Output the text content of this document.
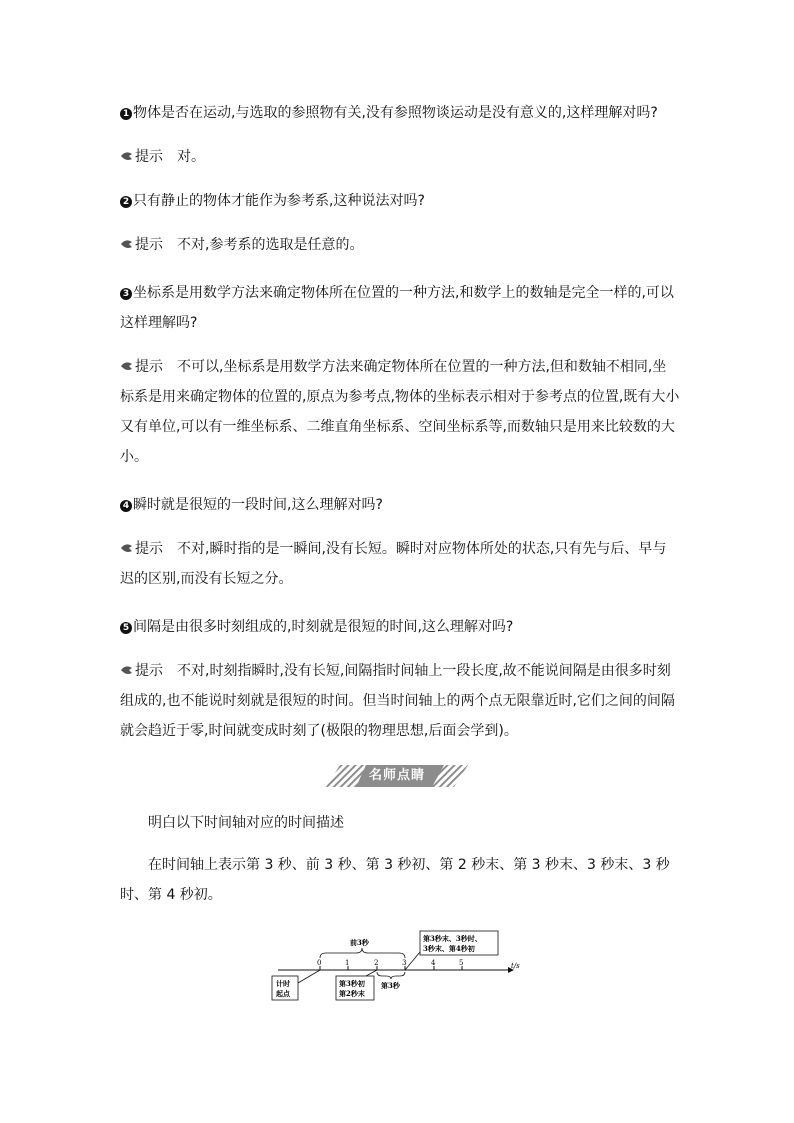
1 物体是否在运动,与选取的参照物有关,没有参照物谈运动是没有意义的,这样理解对吗?

提示 对。

2 只有静止的物体才能作为参考系,这种说法对吗?

提示 不对,参考系的选取是任意的。

3 坐标系是用数学方法来确定物体所在位置的一种方法,和数学上的数轴是完全一样的,可以这样理解吗?

提示 不可以,坐标系是用数学方法来确定物体所在位置的一种方法,但和数轴不相同,坐标系是用来确定物体的位置的,原点为参考点,物体的坐标表示相对于参考点的位置,既有大小又有单位,可以有一维坐标系、二维直角坐标系、空间坐标系等,而数轴只是用来比较数的大小。

4 瞬时就是很短的一段时间,这么理解对吗?

提示 不对,瞬时指的是一瞬间,没有长短。瞬时对应物体所处的状态,只有先与后、早与迟的区别,而没有长短之分。

5 间隔是由很多时刻组成的,时刻就是很短的时间,这么理解对吗?

提示 不对,时刻指瞬时,没有长短,间隔指时间轴上一段长度,故不能说间隔是由很多时刻组成的,也不能说时刻就是很短的时间。但当时间轴上的两个点无限靠近时,它们之间的间隔就会趋近于零,时间就变成时刻了(极限的物理思想,后面会学到)。

名师点睛

明白以下时间轴对应的时间描述

在时间轴上表示第 3 秒、前 3 秒、第 3 秒初、第 2 秒末、第 3 秒末、3 秒末、3 秒时、第 4 秒初。

t/s
0	1	2	3	4	5
前3秒
第3秒
计时
起点
第3秒初
第2秒末
第3秒末、3秒时、
3秒末、第4秒初
